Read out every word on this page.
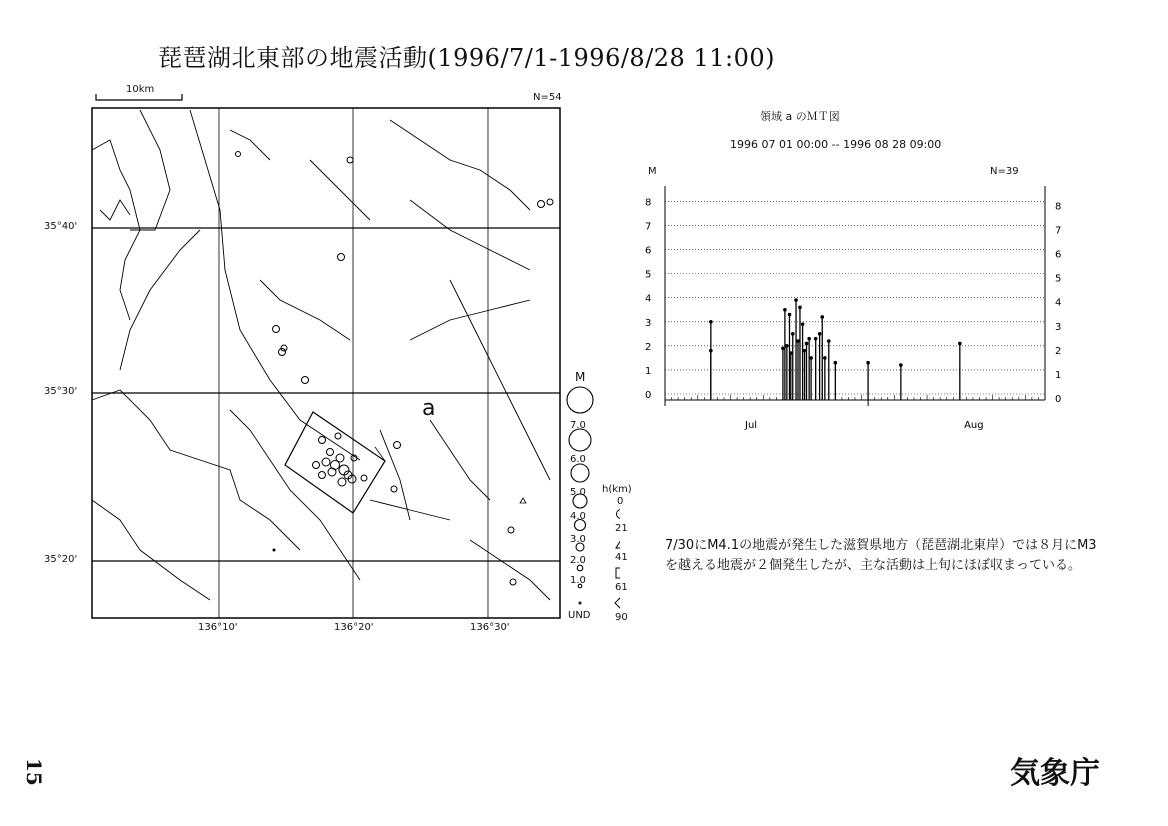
琵琶湖北東部の地震活動(1996/7/1-1996/8/28 11:00)
10km
N=54
35°40'
35°30'
35°20'
136°10'	136°20'	136°30'
a
M
7.0
6.0
5.0
4.0
3.0
2.0
1.0
UND
h(km)
0
21
41
61
90
領域 a のＭＴ図
1996 07 01 00:00 -- 1996 08 28 09:00
8	8
7	7
6	6
5	5
4	4
3	3
2	2
1	1
0	0
Jul	Aug
M	N=39
7/30にM4.1の地震が発生した滋賀県地方（琵琶湖北東岸）では８月にM3を越える地震が２個発生したが、主な活動は上旬にほぼ収まっている。
15	気象庁
